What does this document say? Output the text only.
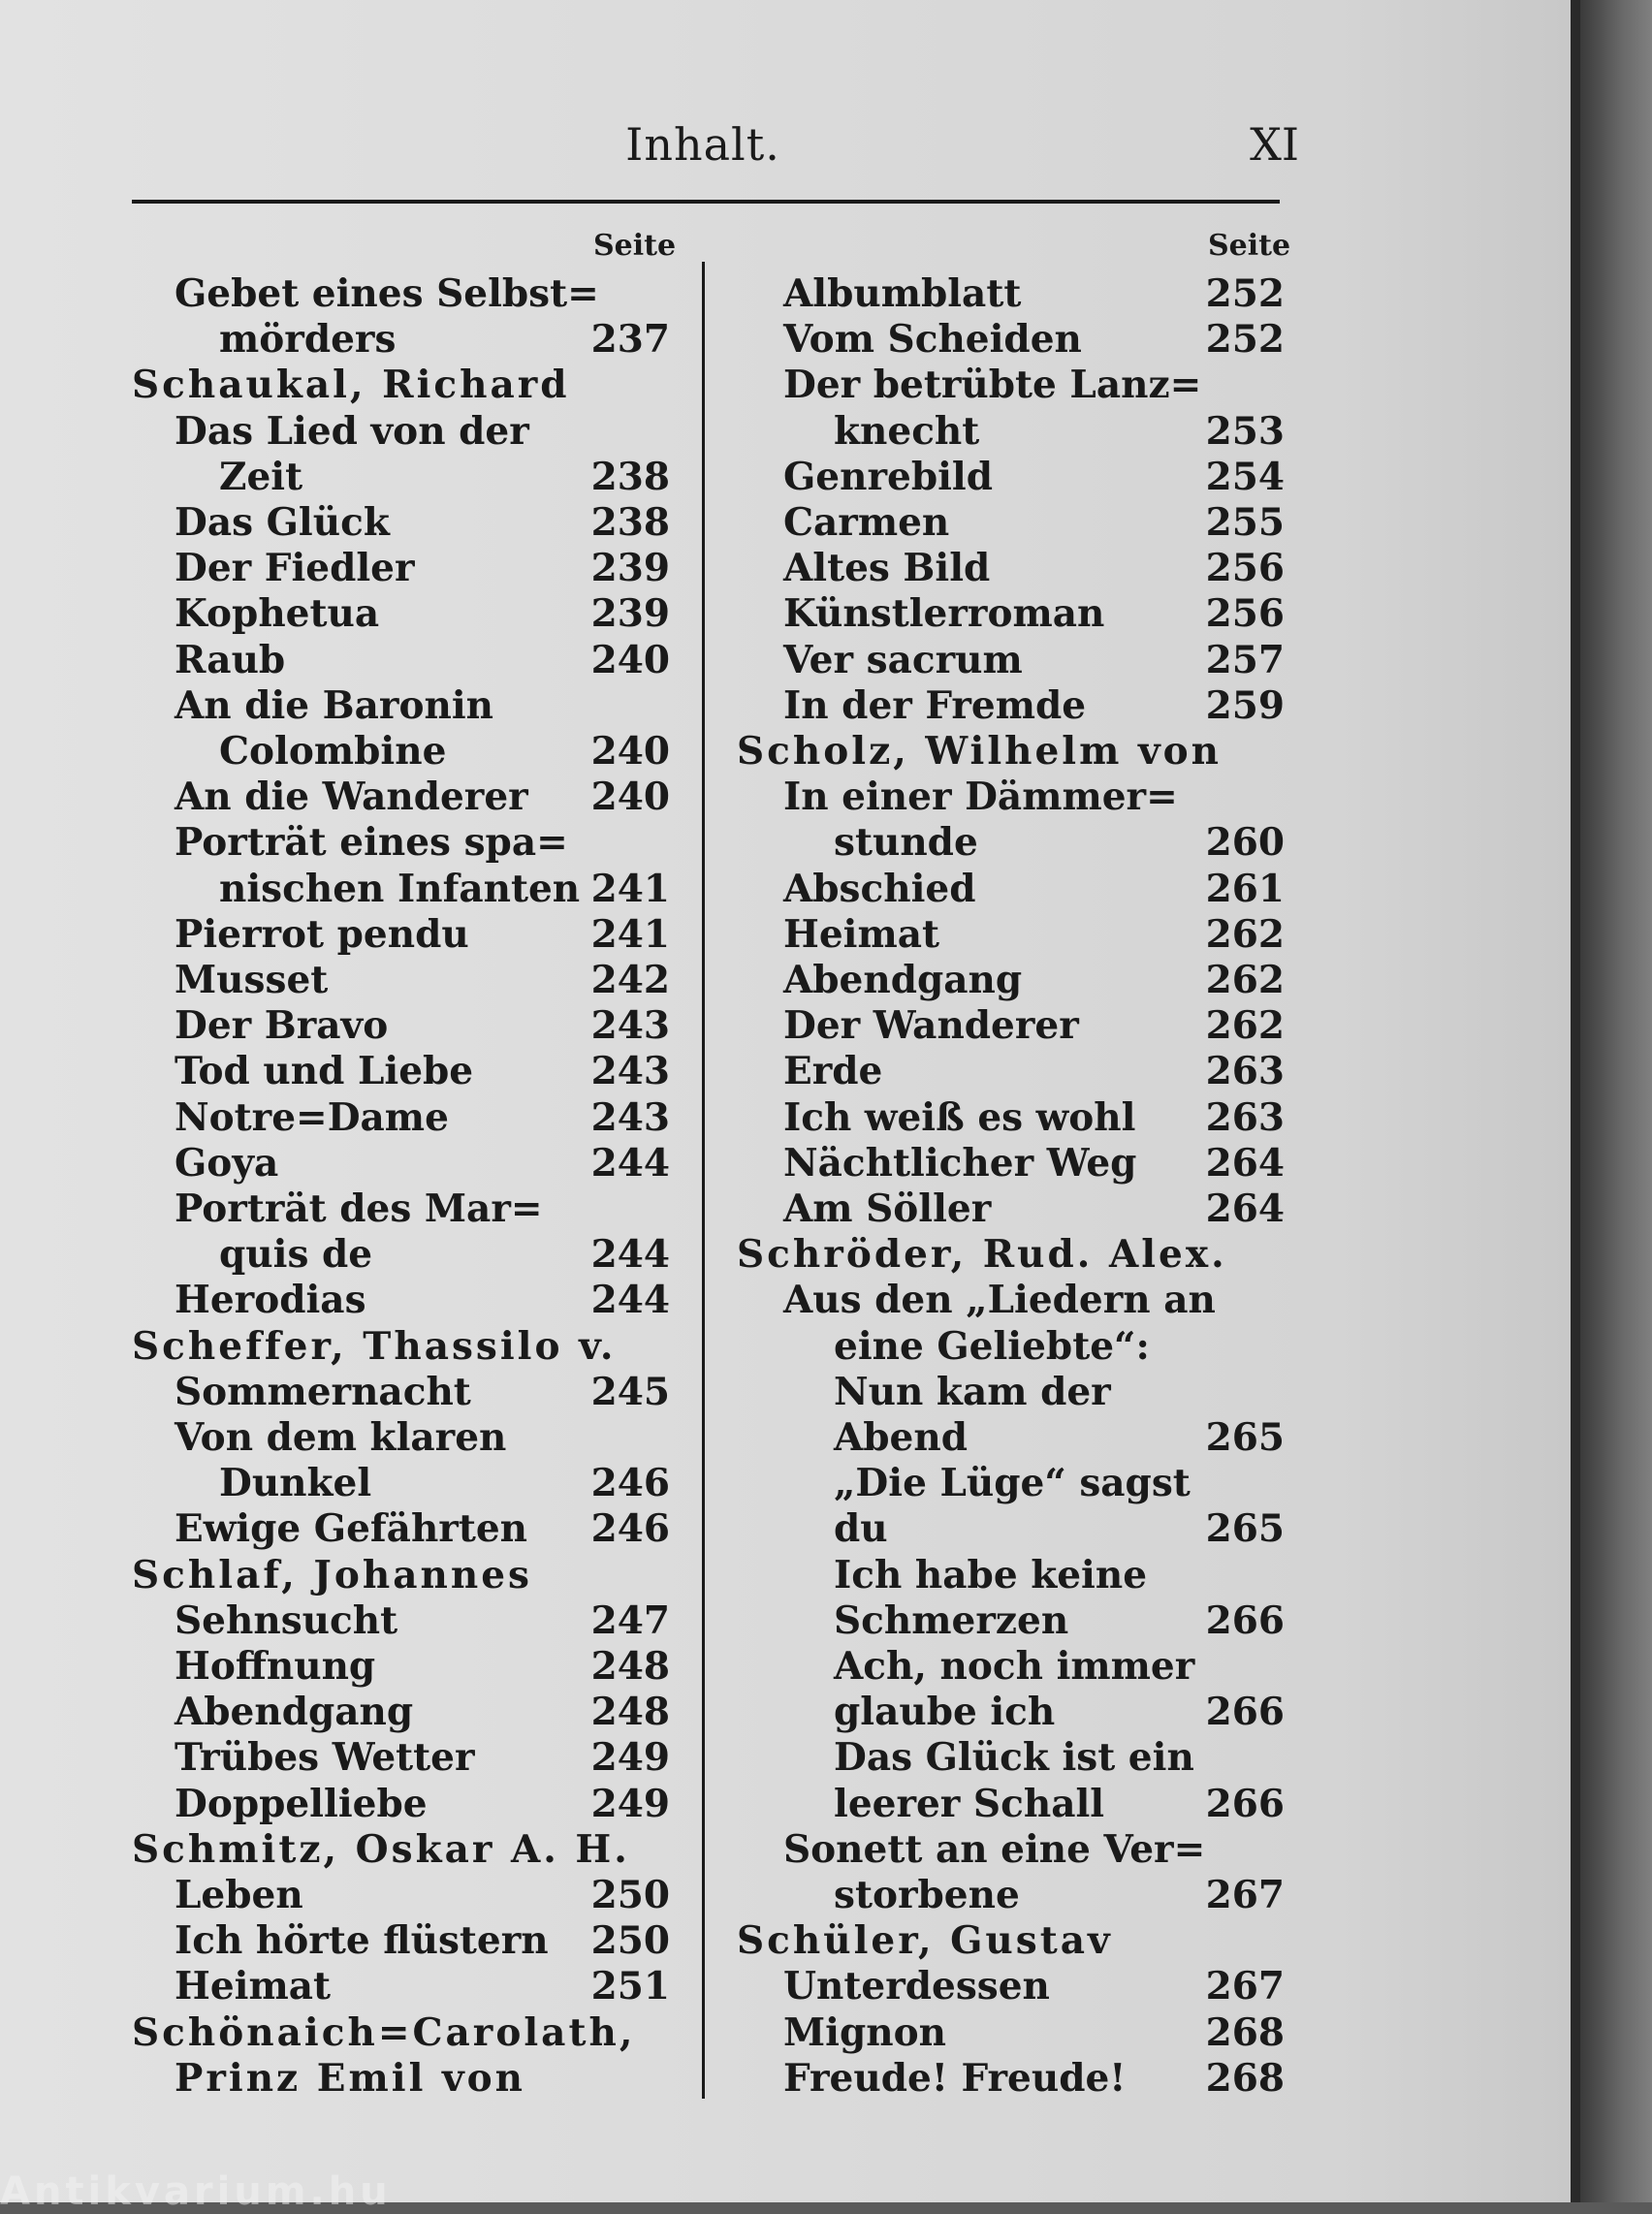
Inhalt.	XI
Seite	Seite
Gebet eines Selbst=
mörders	237
Schaukal, Richard
Das Lied von der
Zeit	238
Das Glück	238
Der Fiedler	239
Kophetua	239
Raub	240
An die Baronin
Colombine	240
An die Wanderer 240
Porträt eines spa=
nischen Infanten 241
Pierrot pendu	241
Musset	242
Der Bravo	243
Tod und Liebe	243
Notre=Dame	243
Goya	244
Porträt des Mar=
quis de	244
Herodias	244
Scheffer, Thassilo v.
Sommernacht	245
Von dem klaren
Dunkel	246
Ewige Gefährten 246
Schlaf, Johannes
Sehnsucht	247
Hoffnung	248
Abendgang	248
Trübes Wetter	249
Doppelliebe	249
Schmitz, Oskar A. H.
Leben	250
Ich hörte flüstern 250
Heimat	251
Schönaich=Carolath,
Prinz Emil von
Albumblatt	252
Vom Scheiden	252
Der betrübte Lanz=
knecht	253
Genrebild	254
Carmen	255
Altes Bild	256
Künstlerroman	256
Ver sacrum	257
In der Fremde	259
Scholz, Wilhelm von
In einer Dämmer=
stunde	260
Abschied	261
Heimat	262
Abendgang	262
Der Wanderer	262
Erde	263
Ich weiß es wohl 263
Nächtlicher Weg 264
Am Söller	264
Schröder, Rud. Alex.
Aus den „Liedern an
eine Geliebte“:
Nun kam der
Abend	265
„Die Lüge“ sagst
du	265
Ich habe keine
Schmerzen	266
Ach, noch immer
glaube ich	266
Das Glück ist ein
leerer Schall	266
Sonett an eine Ver=
storbene	267
Schüler, Gustav
Unterdessen	267
Mignon	268
Freude! Freude! 268
Antikvarium.hu
